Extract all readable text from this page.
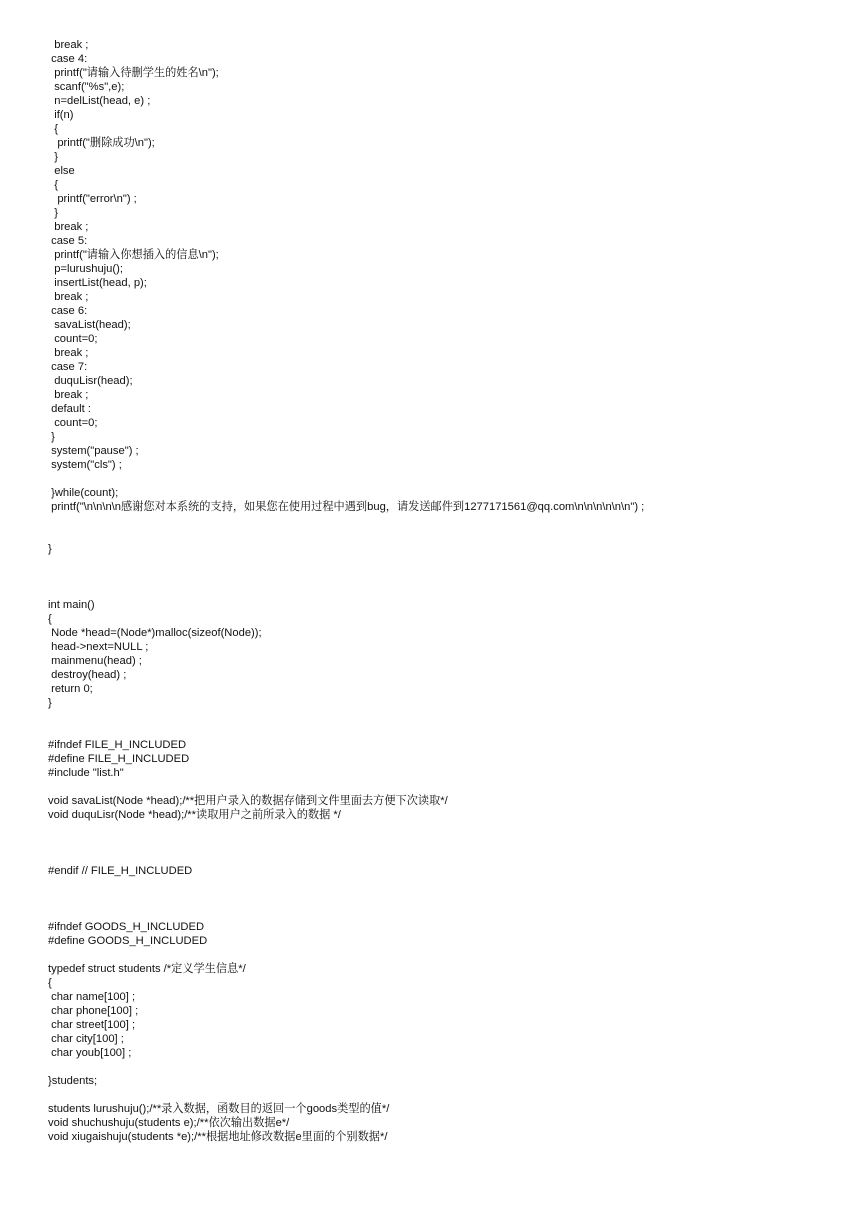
break ;
case 4:
printf("请输入待删学生的姓名\n");
scanf("%s",e);
n=delList(head, e) ;
if(n)
{
printf("删除成功\n");
}
else
{
printf("error\n") ;
}
break ;
case 5:
printf("请输入你想插入的信息\n");
p=lurushuju();
insertList(head, p);
break ;
case 6:
savaList(head);
count=0;
break ;
case 7:
duquLisr(head);
break ;
default :
count=0;
}
system("pause") ;
system("cls") ;
}while(count);
printf("\n\n\n\n感谢您对本系统的支持，如果您在使用过程中遇到bug，请发送邮件到1277171561@qq.com\n\n\n\n\n\n") ;
}
int main()
{
Node *head=(Node*)malloc(sizeof(Node));
head->next=NULL ;
mainmenu(head) ;
destroy(head) ;
return 0;
}
#ifndef FILE_H_INCLUDED
#define FILE_H_INCLUDED
#include "list.h"
void savaList(Node *head);/**把用户录入的数据存储到文件里面去方便下次读取*/
void duquLisr(Node *head);/**读取用户之前所录入的数据 */
#endif // FILE_H_INCLUDED
#ifndef GOODS_H_INCLUDED
#define GOODS_H_INCLUDED
typedef struct students /*定义学生信息*/
{
char name[100] ;
char phone[100] ;
char street[100] ;
char city[100] ;
char youb[100] ;
}students;
students lurushuju();/**录入数据，函数目的返回一个goods类型的值*/
void shuchushuju(students e);/**依次输出数据e*/
void xiugaishuju(students *e);/**根据地址修改数据e里面的个别数据*/
